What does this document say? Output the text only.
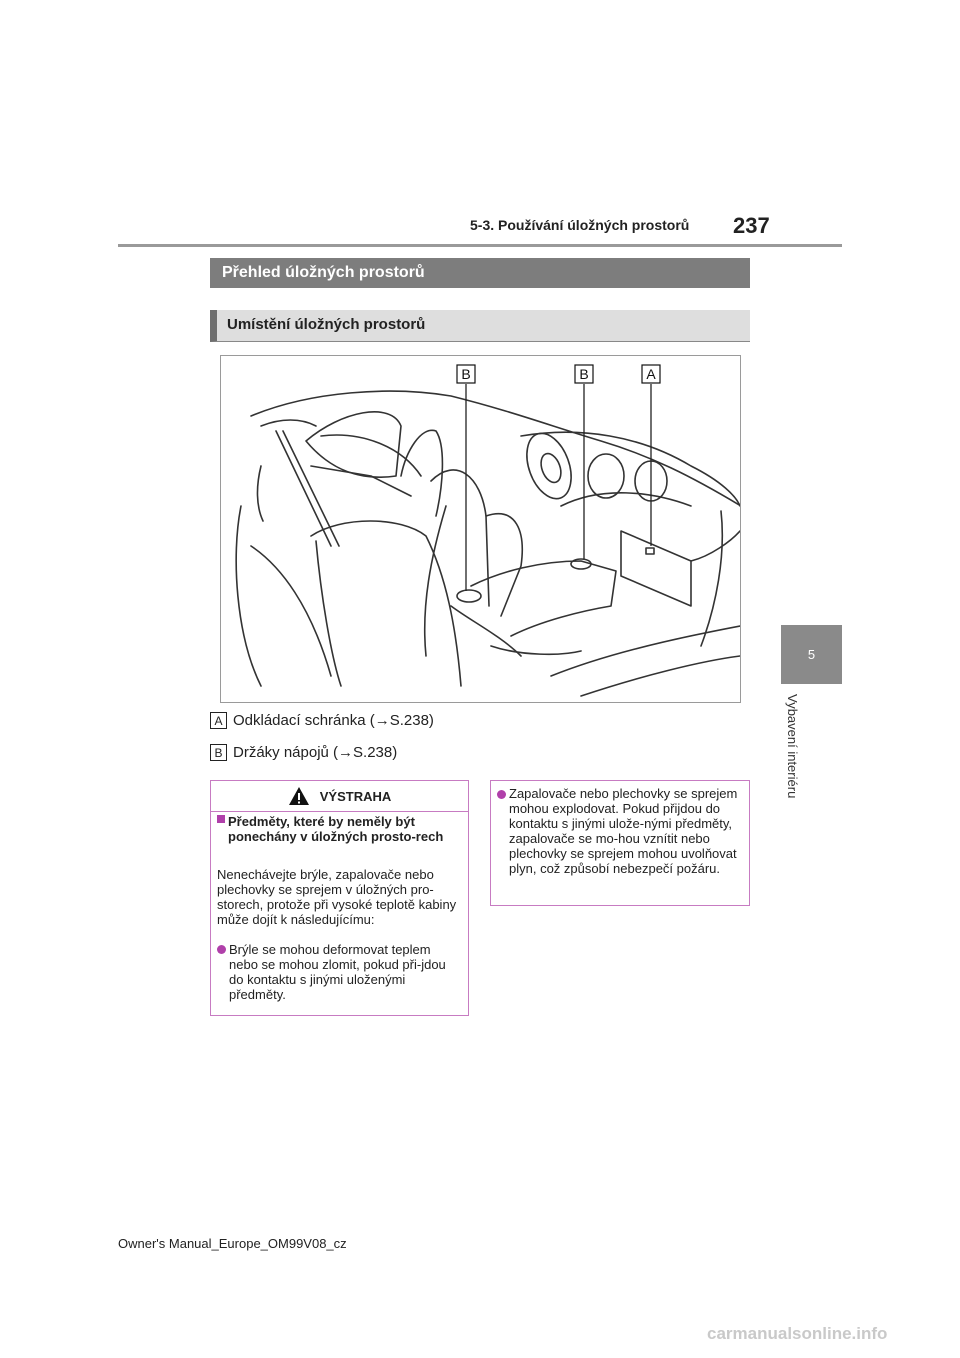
5-3. Používání úložných prostorů 237
5
Vybavení interiéru
Přehled úložných prostorů
Umístění úložných prostorů
B	B	A
A Odkládací schránka (→S.238)
B Držáky nápojů (→S.238)
VÝSTRAHA
Předměty, které by neměly být ponechány v úložných prosto-rech
Nenechávejte brýle, zapalovače nebo plechovky se sprejem v úložných pro-storech, protože při vysoké teplotě kabiny může dojít k následujícímu:
Brýle se mohou deformovat teplem nebo se mohou zlomit, pokud při-jdou do kontaktu s jinými uloženými předměty.
Zapalovače nebo plechovky se sprejem mohou explodovat. Pokud přijdou do kontaktu s jinými ulože-nými předměty, zapalovače se mo-hou vznítit nebo plechovky se sprejem mohou uvolňovat plyn, což způsobí nebezpečí požáru.
Owner's Manual_Europe_OM99V08_cz
carmanualsonline.info
